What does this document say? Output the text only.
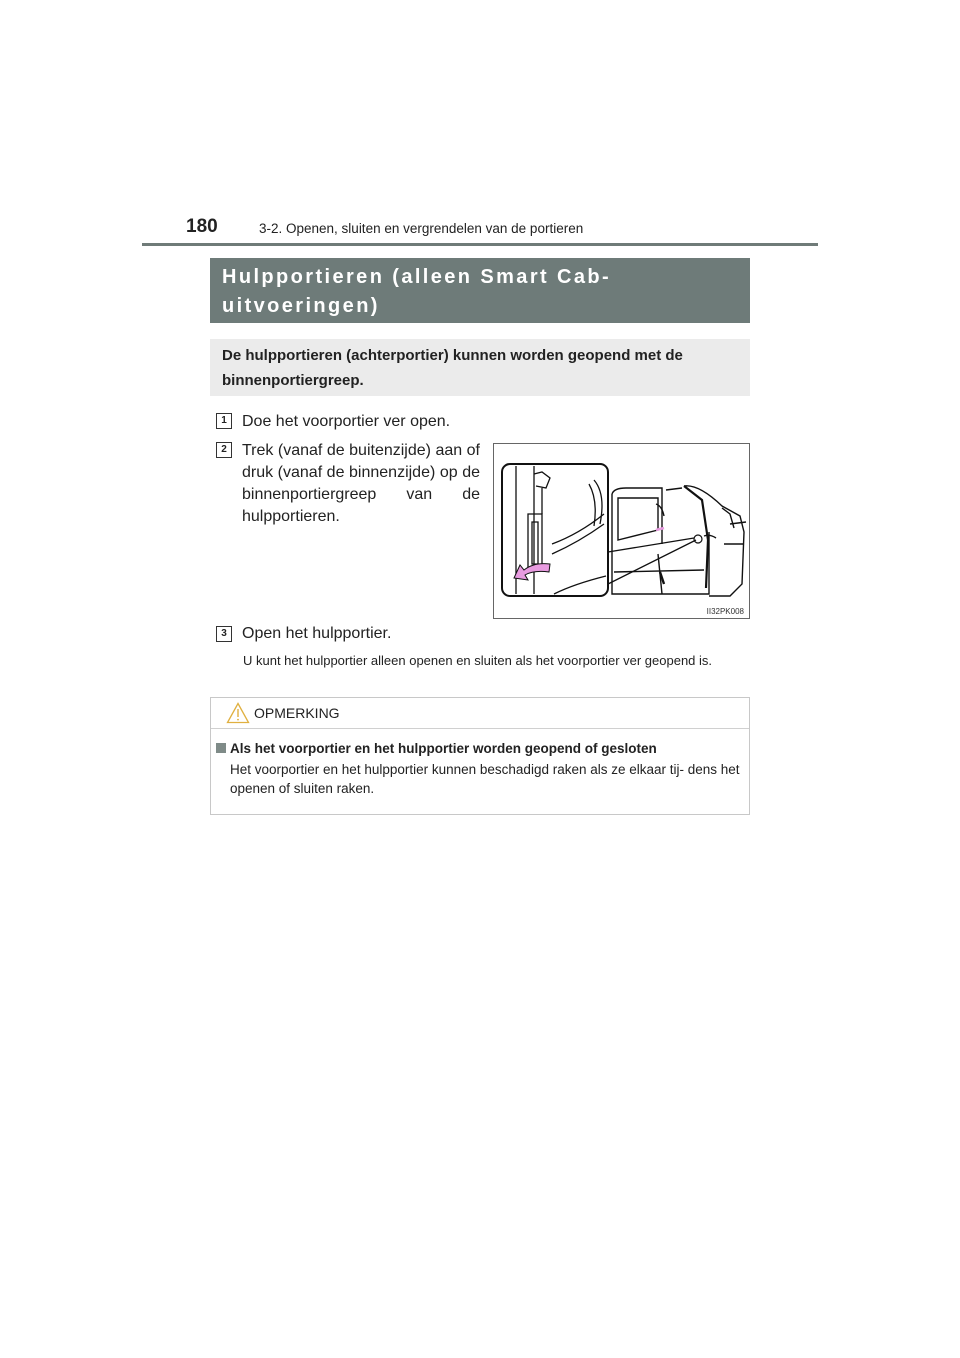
180	3-2. Openen, sluiten en vergrendelen van de portieren
Hulpportieren (alleen Smart Cab-
uitvoeringen)
De hulpportieren (achterportier) kunnen worden geopend met de binnenportiergreep.
1 Doe het voorportier ver open.
2 Trek (vanaf de buitenzijde) aan of druk (vanaf de binnenzijde) op de binnenportiergreep van de hulpportieren.
II32PK008
3 Open het hulpportier.
U kunt het hulpportier alleen openen en sluiten als het voorportier ver geopend is.
OPMERKING
Als het voorportier en het hulpportier worden geopend of gesloten
Het voorportier en het hulpportier kunnen beschadigd raken als ze elkaar tij- dens het openen of sluiten raken.
